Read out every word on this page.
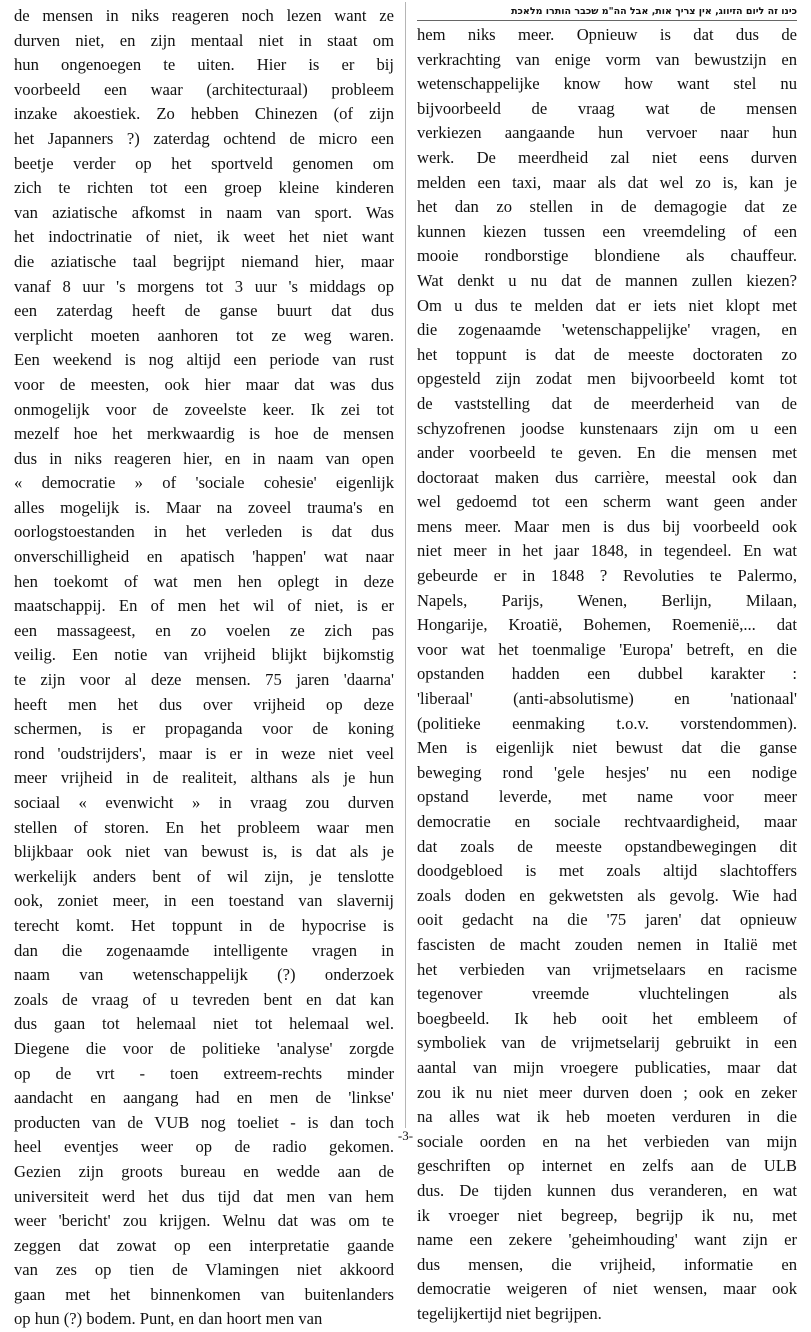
de mensen in niks reageren noch lezen want ze
durven niet, en zijn mentaal niet in staat om
hun ongenoegen te uiten. Hier is er bij
voorbeeld een waar (architecturaal) probleem
inzake akoestiek. Zo hebben Chinezen (of zijn
het Japanners ?) zaterdag ochtend de micro een
beetje verder op het sportveld genomen om
zich te richten tot een groep kleine kinderen
van aziatische afkomst in naam van sport. Was
het indoctrinatie of niet, ik weet het niet want
die aziatische taal begrijpt niemand hier, maar
vanaf 8 uur 's morgens tot 3 uur 's middags op
een zaterdag heeft de ganse buurt dat dus
verplicht moeten aanhoren tot ze weg waren.
Een weekend is nog altijd een periode van rust
voor de meesten, ook hier maar dat was dus
onmogelijk voor de zoveelste keer. Ik zei tot
mezelf hoe het merkwaardig is hoe de mensen
dus in niks reageren hier, en in naam van open
« democratie » of 'sociale cohesie' eigenlijk
alles mogelijk is. Maar na zoveel trauma's en
oorlogstoestanden in het verleden is dat dus
onverschilligheid en apatisch 'happen' wat naar
hen toekomt of wat men hen oplegt in deze
maatschappij. En of men het wil of niet, is er
een massageest, en zo voelen ze zich pas
veilig. Een notie van vrijheid blijkt bijkomstig
te zijn voor al deze mensen. 75 jaren 'daarna'
heeft men het dus over vrijheid op deze
schermen, is er propaganda voor de koning
rond 'oudstrijders', maar is er in weze niet veel
meer vrijheid in de realiteit, althans als je hun
sociaal « evenwicht » in vraag zou durven
stellen of storen. En het probleem waar men
blijkbaar ook niet van bewust is, is dat als je
werkelijk anders bent of wil zijn, je tenslotte
ook, zoniet meer, in een toestand van slavernij
terecht komt. Het toppunt in de hypocrise is
dan die zogenaamde intelligente vragen in
naam van wetenschappelijk (?) onderzoek
zoals de vraag of u tevreden bent en dat kan
dus gaan tot helemaal niet tot helemaal wel.
Diegene die voor de politieke 'analyse' zorgde
op de vrt - toen extreem-rechts minder
aandacht en aangang had en men de 'linkse'
producten van de VUB nog toeliet - is dan toch
heel eventjes weer op de radio gekomen.
Gezien zijn groots bureau en wedde aan de
universiteit werd het dus tijd dat men van hem
weer 'bericht' zou krijgen. Welnu dat was om te
zeggen dat zowat op een interpretatie gaande
van zes op tien de Vlamingen niet akkoord
gaan met het binnenkomen van buitenlanders
op hun (?) bodem. Punt, en dan hoort men van
כינו זה ליום הזיווג, אין צריך אות, אבל הה"מ שכבר הותרו מלאכת
hem niks meer. Opnieuw is dat dus de
verkrachting van enige vorm van bewustzijn en
wetenschappelijke know how want stel nu
bijvoorbeeld de vraag wat de mensen
verkiezen aangaande hun vervoer naar hun
werk. De meerdheid zal niet eens durven
melden een taxi, maar als dat wel zo is, kan je
het dan zo stellen in de demagogie dat ze
kunnen kiezen tussen een vreemdeling of een
mooie rondborstige blondiene als chauffeur.
Wat denkt u nu dat de mannen zullen kiezen?
Om u dus te melden dat er iets niet klopt met
die zogenaamde 'wetenschappelijke' vragen, en
het toppunt is dat de meeste doctoraten zo
opgesteld zijn zodat men bijvoorbeeld komt tot
de vaststelling dat de meerderheid van de
schyzofrenen joodse kunstenaars zijn om u een
ander voorbeeld te geven. En die mensen met
doctoraat maken dus carrière, meestal ook dan
wel gedoemd tot een scherm want geen ander
mens meer. Maar men is dus bij voorbeeld ook
niet meer in het jaar 1848, in tegendeel. En wat
gebeurde er in 1848 ? Revoluties te Palermo,
Napels, Parijs, Wenen, Berlijn, Milaan,
Hongarije, Kroatië, Bohemen, Roemenië,... dat
voor wat het toenmalige 'Europa' betreft, en die
opstanden hadden een dubbel karakter :
'liberaal' (anti-absolutisme) en 'nationaal'
(politieke eenmaking t.o.v. vorstendommen).
Men is eigenlijk niet bewust dat die ganse
beweging rond 'gele hesjes' nu een nodige
opstand leverde, met name voor meer
democratie en sociale rechtvaardigheid, maar
dat zoals de meeste opstandbewegingen dit
doodgebloed is met zoals altijd slachtoffers
zoals doden en gekwetsten als gevolg. Wie had
ooit gedacht na die '75 jaren' dat opnieuw
fascisten de macht zouden nemen in Italië met
het verbieden van vrijmetselaars en racisme
tegenover vreemde vluchtelingen als
boegbeeld. Ik heb ooit het embleem of
symboliek van de vrijmetselarij gebruikt in een
aantal van mijn vroegere publicaties, maar dat
zou ik nu niet meer durven doen ; ook en zeker
na alles wat ik heb moeten verduren in die
sociale oorden en na het verbieden van mijn
geschriften op internet en zelfs aan de ULB
dus. De tijden kunnen dus veranderen, en wat
ik vroeger niet begreep, begrijp ik nu, met
name een zekere 'geheimhouding' want zijn er
dus mensen, die vrijheid, informatie en
democratie weigeren of niet wensen, maar ook
tegelijkertijd niet begrijpen.
-3-
